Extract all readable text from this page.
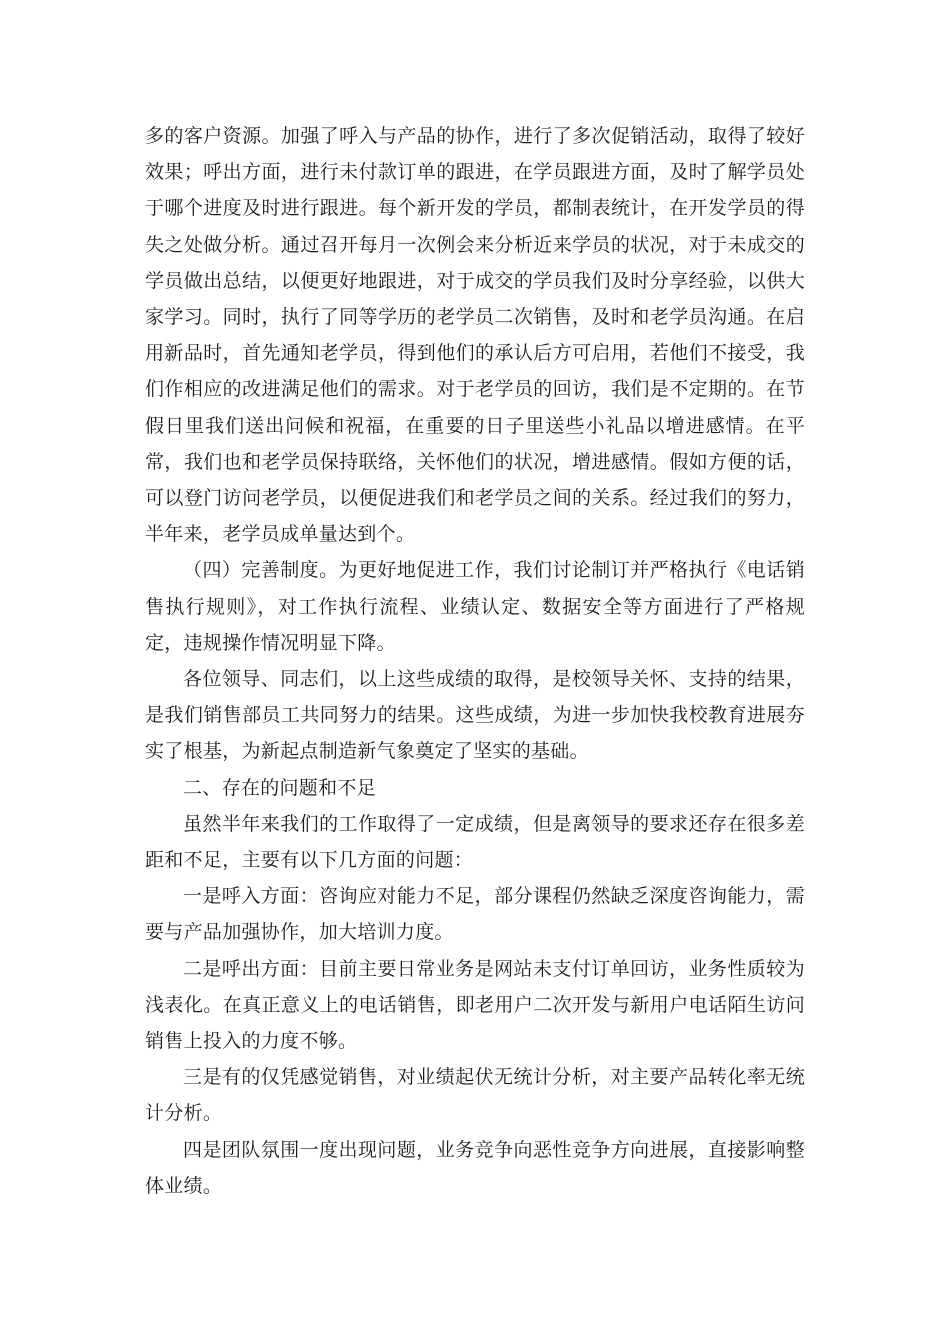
多的客户资源。加强了呼入与产品的协作，进行了多次促销活动，取得了较好效果；呼出方面，进行未付款订单的跟进，在学员跟进方面，及时了解学员处于哪个进度及时进行跟进。每个新开发的学员，都制表统计，在开发学员的得失之处做分析。通过召开每月一次例会来分析近来学员的状况，对于未成交的学员做出总结，以便更好地跟进，对于成交的学员我们及时分享经验，以供大家学习。同时，执行了同等学历的老学员二次销售，及时和老学员沟通。在启用新品时，首先通知老学员，得到他们的承认后方可启用，若他们不接受，我们作相应的改进满足他们的需求。对于老学员的回访，我们是不定期的。在节假日里我们送出问候和祝福，在重要的日子里送些小礼品以增进感情。在平常，我们也和老学员保持联络，关怀他们的状况，增进感情。假如方便的话，可以登门访问老学员，以便促进我们和老学员之间的关系。经过我们的努力，半年来，老学员成单量达到个。

（四）完善制度。为更好地促进工作，我们讨论制订并严格执行《电话销售执行规则》，对工作执行流程、业绩认定、数据安全等方面进行了严格规定，违规操作情况明显下降。

各位领导、同志们，以上这些成绩的取得，是校领导关怀、支持的结果，是我们销售部员工共同努力的结果。这些成绩，为进一步加快我校教育进展夯实了根基，为新起点制造新气象奠定了坚实的基础。

二、存在的问题和不足

虽然半年来我们的工作取得了一定成绩，但是离领导的要求还存在很多差距和不足，主要有以下几方面的问题：

一是呼入方面：咨询应对能力不足，部分课程仍然缺乏深度咨询能力，需要与产品加强协作，加大培训力度。

二是呼出方面：目前主要日常业务是网站未支付订单回访，业务性质较为浅表化。在真正意义上的电话销售，即老用户二次开发与新用户电话陌生访问销售上投入的力度不够。

三是有的仅凭感觉销售，对业绩起伏无统计分析，对主要产品转化率无统计分析。

四是团队氛围一度出现问题，业务竞争向恶性竞争方向进展，直接影响整体业绩。
